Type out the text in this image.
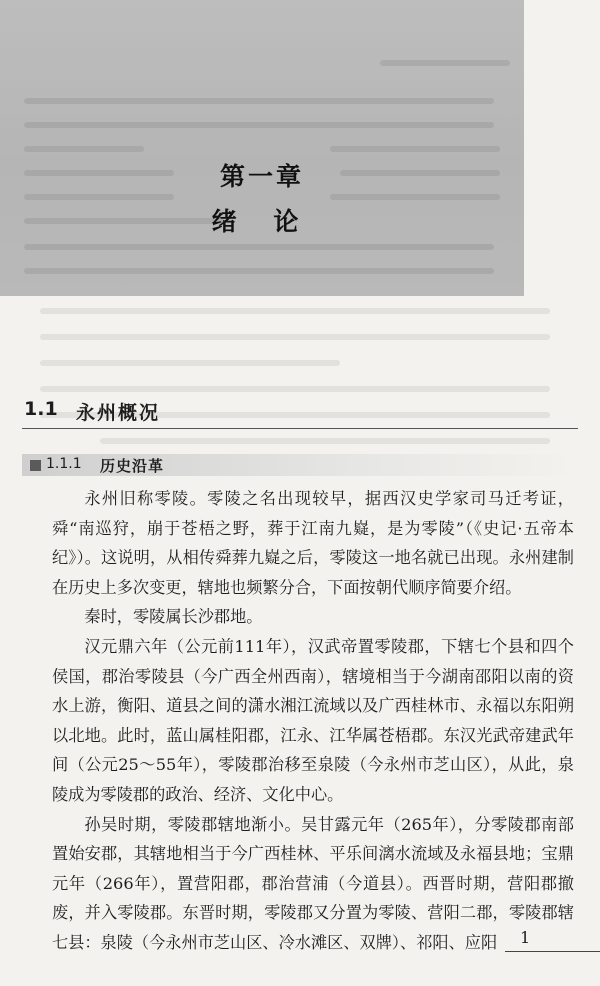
第一章
绪 论
1.1 永州概况
1.1.1 历史沿革

永州旧称零陵。零陵之名出现较早，据西汉史学家司马迁考证，舜“南巡狩，崩于苍梧之野，葬于江南九嶷，是为零陵”（《史记·五帝本纪》）。这说明，从相传舜葬九嶷之后，零陵这一地名就已出现。永州建制在历史上多次变更，辖地也频繁分合，下面按朝代顺序简要介绍。

秦时，零陵属长沙郡地。

汉元鼎六年（公元前111年），汉武帝置零陵郡，下辖七个县和四个侯国，郡治零陵县（今广西全州西南），辖境相当于今湖南邵阳以南的资水上游，衡阳、道县之间的潇水湘江流域以及广西桂林市、永福以东阳朔以北地。此时，蓝山属桂阳郡，江永、江华属苍梧郡。东汉光武帝建武年间（公元25～55年），零陵郡治移至泉陵（今永州市芝山区），从此，泉陵成为零陵郡的政治、经济、文化中心。

孙吴时期，零陵郡辖地渐小。吴甘露元年（265年），分零陵郡南部置始安郡，其辖地相当于今广西桂林、平乐间漓水流域及永福县地；宝鼎元年（266年），置营阳郡，郡治营浦（今道县）。西晋时期，营阳郡撤废，并入零陵郡。东晋时期，零陵郡又分置为零陵、营阳二郡，零陵郡辖七县：泉陵（今永州市芝山区、冷水滩区、双牌）、祁阳、应阳	1
